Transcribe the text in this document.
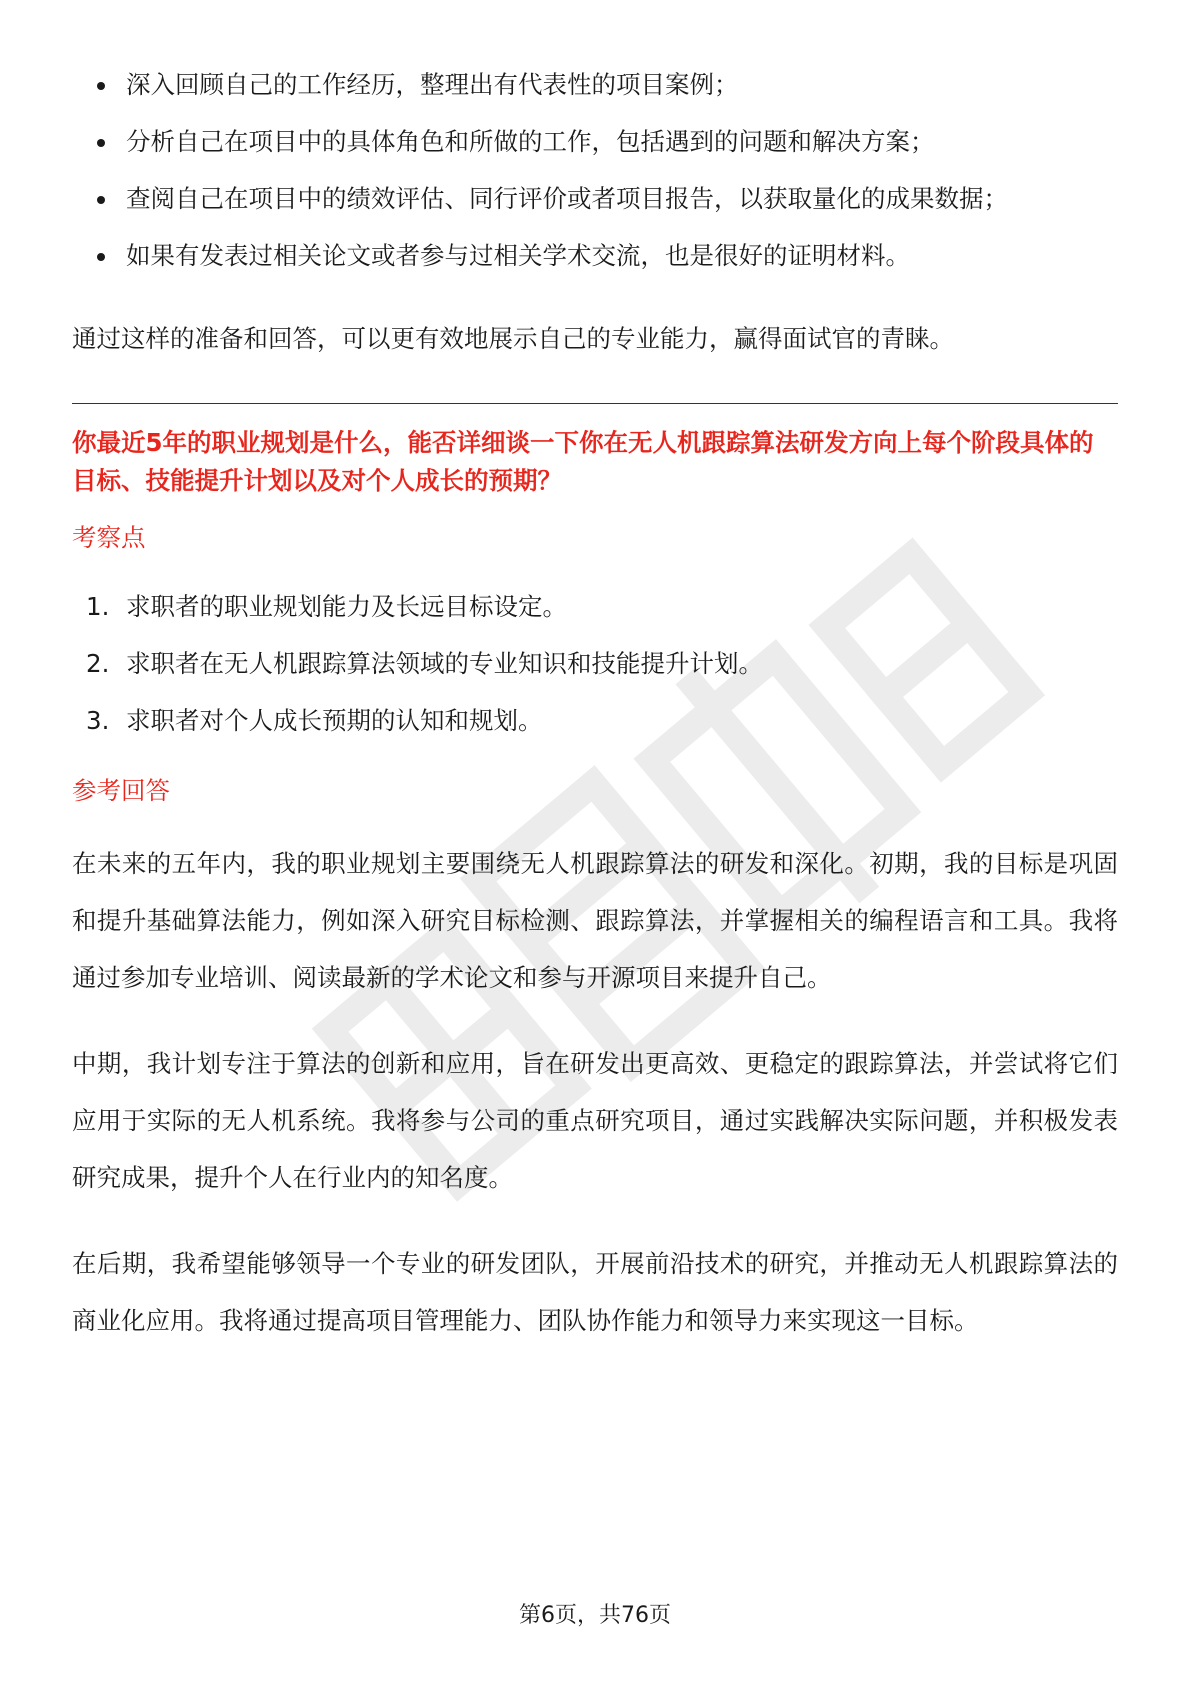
深入回顾自己的工作经历，整理出有代表性的项目案例；
分析自己在项目中的具体角色和所做的工作，包括遇到的问题和解决方案；
查阅自己在项目中的绩效评估、同行评价或者项目报告，以获取量化的成果数据；
如果有发表过相关论文或者参与过相关学术交流，也是很好的证明材料。

通过这样的准备和回答，可以更有效地展示自己的专业能力，赢得面试官的青睐。

你最近5年的职业规划是什么，能否详细谈一下你在无人机跟踪算法研发方向上每个阶段具体的目标、技能提升计划以及对个人成长的预期？

考察点

1. 求职者的职业规划能力及长远目标设定。
2. 求职者在无人机跟踪算法领域的专业知识和技能提升计划。
3. 求职者对个人成长预期的认知和规划。

参考回答

在未来的五年内，我的职业规划主要围绕无人机跟踪算法的研发和深化。初期，我的目标是巩固和提升基础算法能力，例如深入研究目标检测、跟踪算法，并掌握相关的编程语言和工具。我将通过参加专业培训、阅读最新的学术论文和参与开源项目来提升自己。

中期，我计划专注于算法的创新和应用，旨在研发出更高效、更稳定的跟踪算法，并尝试将它们应用于实际的无人机系统。我将参与公司的重点研究项目，通过实践解决实际问题，并积极发表研究成果，提升个人在行业内的知名度。

在后期，我希望能够领导一个专业的研发团队，开展前沿技术的研究，并推动无人机跟踪算法的商业化应用。我将通过提高项目管理能力、团队协作能力和领导力来实现这一目标。

第6页，共76页
